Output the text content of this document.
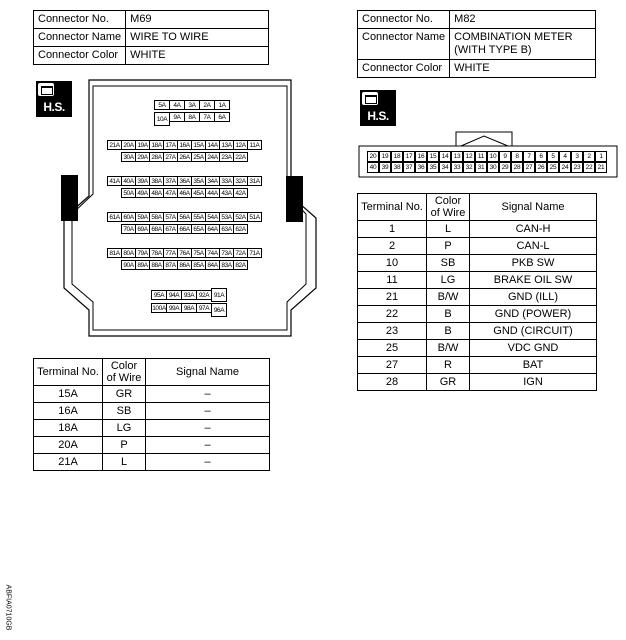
Connector No.	M69
Connector Name	WIRE TO WIRE
Connector Color	WHITE
H.S.	5A	4A	3A	2A	1A
10A 9A	8A	7A	6A
21A 20A 19A 18A 17A 16A 15A 14A 13A 12A 11A
30A 29A 28A 27A 26A 25A 24A 23A 22A
41A 40A 39A 38A 37A 36A 35A 34A 33A 32A 31A
50A 49A 48A 47A 46A 45A 44A 43A 42A
61A 60A 59A 58A 57A 56A 55A 54A 53A 52A 51A
70A 69A 68A 67A 66A 65A 64A 63A 62A
81A 80A 79A 78A 77A 76A 75A 74A 73A 72A 71A
90A 89A 88A 87A 86A 85A 84A 83A 82A
95A 94A 93A 92A 91A
100A 99A 98A 97A 96A
Terminal No.	Color of Wire	Signal Name
15A	GR	–
16A	SB	–
18A	LG	–
20A	P	–
21A	L	–
Connector No.	M82
Connector Name	COMBINATION METER (WITH TYPE B)
Connector Color	WHITE
H.S.
20 19 18 17 16 15 14 13 12 11 10	9	8	7	6	5	4	3	2	1
40 39 38 37 36 35 34 33 32 31 30 29 28 27 26 25 24 23 22 21
Terminal No.	Color of Wire	Signal Name
1	L	CAN-H
2	P	CAN-L
10	SB	PKB SW
11	LG	BRAKE OIL SW
21	B/W	GND (ILL)
22	B	GND (POWER)
23	B	GND (CIRCUIT)
25	B/W	VDC GND
27	R	BAT
28	GR	IGN
ABFIA0710GB
